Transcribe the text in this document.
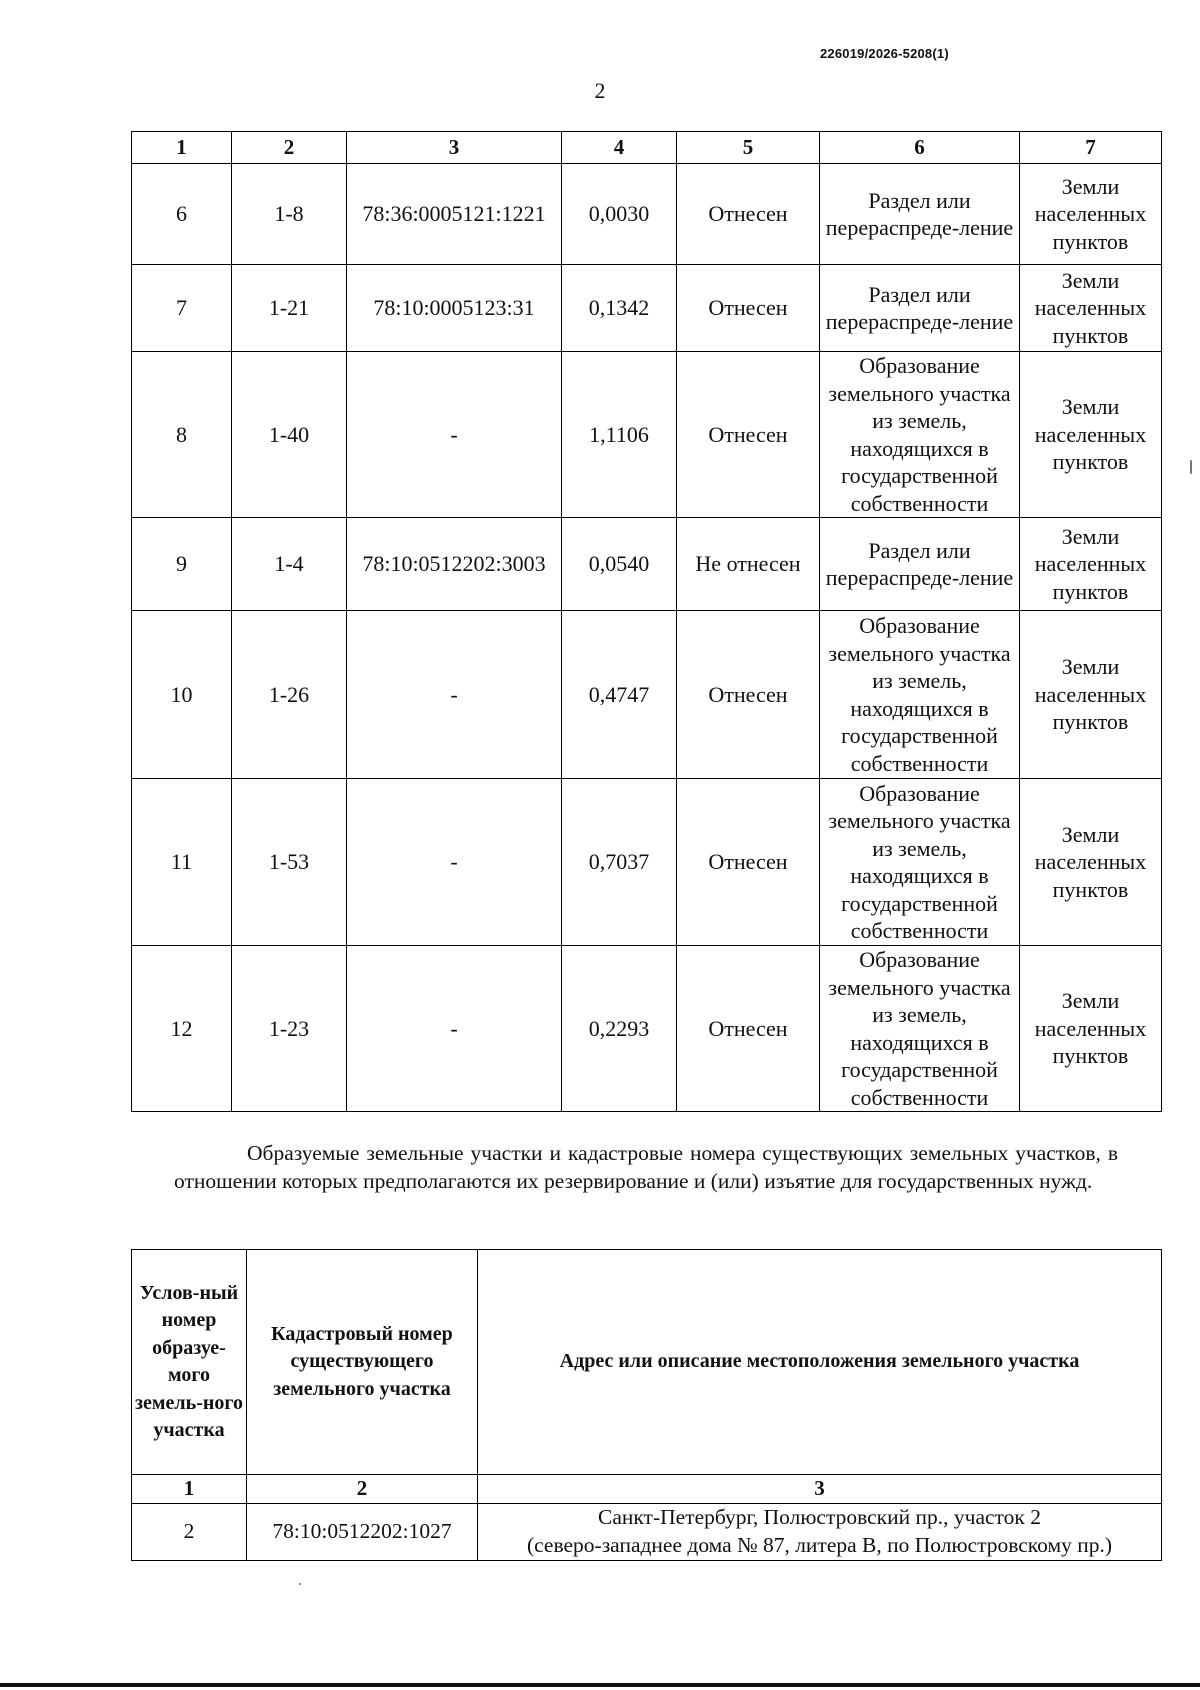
226019/2026-5208(1)
2
1	2	3	4	5	6	7
6	1-8	78:36:0005121:1221	0,0030	Отнесен	Раздел или перераспреде-ление	Земли населенных пунктов
7	1-21	78:10:0005123:31	0,1342	Отнесен	Раздел или перераспреде-ление	Земли населенных пунктов
8	1-40	-	1,1106	Отнесен	Образование земельного участка из земель, находящихся в государственной собственности	Земли населенных пунктов
9	1-4	78:10:0512202:3003	0,0540	Не отнесен	Раздел или перераспреде-ление	Земли населенных пунктов
10	1-26	-	0,4747	Отнесен	Образование земельного участка из земель, находящихся в государственной собственности	Земли населенных пунктов
11	1-53	-	0,7037	Отнесен	Образование земельного участка из земель, находящихся в государственной собственности	Земли населенных пунктов
12	1-23	-	0,2293	Отнесен	Образование земельного участка из земель, находящихся в государственной собственности	Земли населенных пунктов
Образуемые земельные участки и кадастровые номера существующих земельных участков, в отношении которых предполагаются их резервирование и (или) изъятие для государственных нужд.
Услов-ный номер образуе-мого земель-ного участка	Кадастровый номер существующего земельного участка	Адрес или описание местоположения земельного участка
1	2	3
2	78:10:0512202:1027	Санкт-Петербург, Полюстровский пр., участок 2
(северо-западнее дома № 87, литера В, по Полюстровскому пр.)
